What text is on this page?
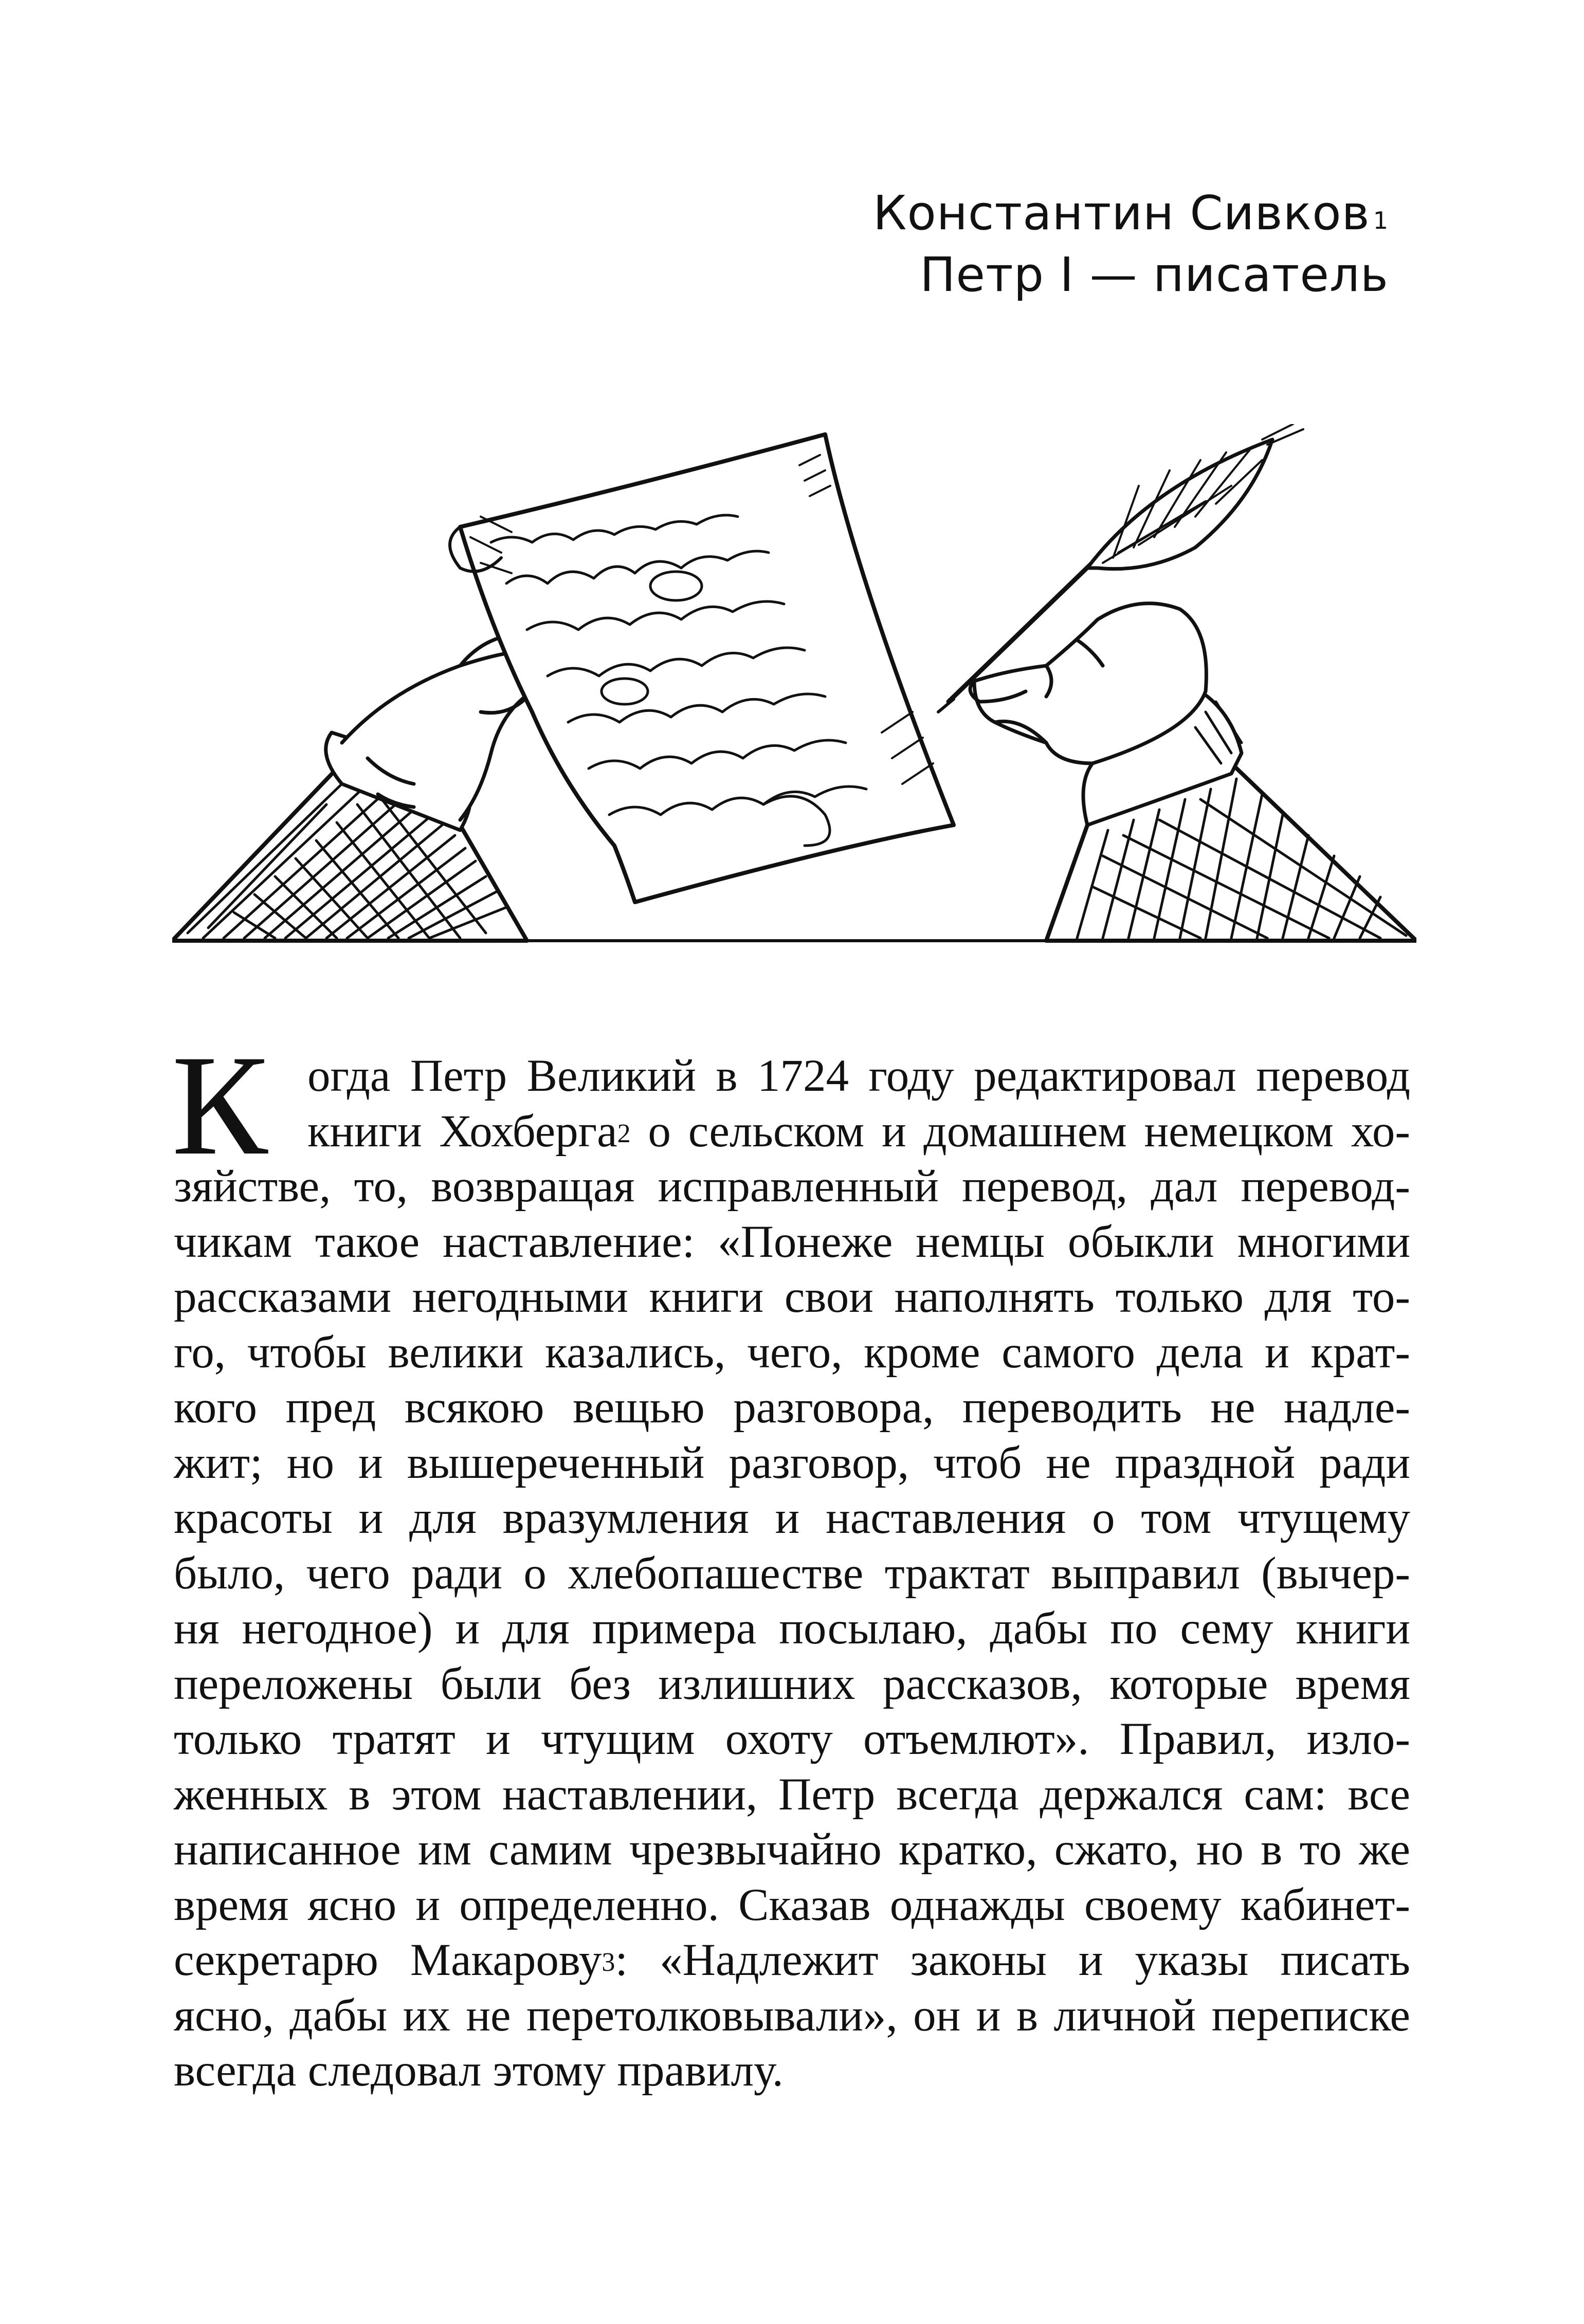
Константин Сивков $^1$
Петр I — писатель
К огда Петр Великий в 1724 году редактировал перевод
книги Хохберга$^2$ о сельском и домашнем немецком хо-
зяйстве, то, возвращая исправленный перевод, дал перевод-
чикам такое наставление: «Понеже немцы обыкли многими
рассказами негодными книги свои наполнять только для то-
го, чтобы велики казались, чего, кроме самого дела и крат-
кого пред всякою вещью разговора, переводить не надле-
жит; но и вышереченный разговор, чтоб не праздной ради
красоты и для вразумления и наставления о том чтущему
было, чего ради о хлебопашестве трактат выправил (вычер-
ня негодное) и для примера посылаю, дабы по сему книги
переложены были без излишних рассказов, которые время
только тратят и чтущим охоту отъемлют». Правил, изло-
женных в этом наставлении, Петр всегда держался сам: все
написанное им самим чрезвычайно кратко, сжато, но в то же
время ясно и определенно. Сказав однажды своему кабинет-
секретарю Макарову$^3$: «Надлежит законы и указы писать
ясно, дабы их не перетолковывали», он и в личной переписке
всегда следовал этому правилу.
